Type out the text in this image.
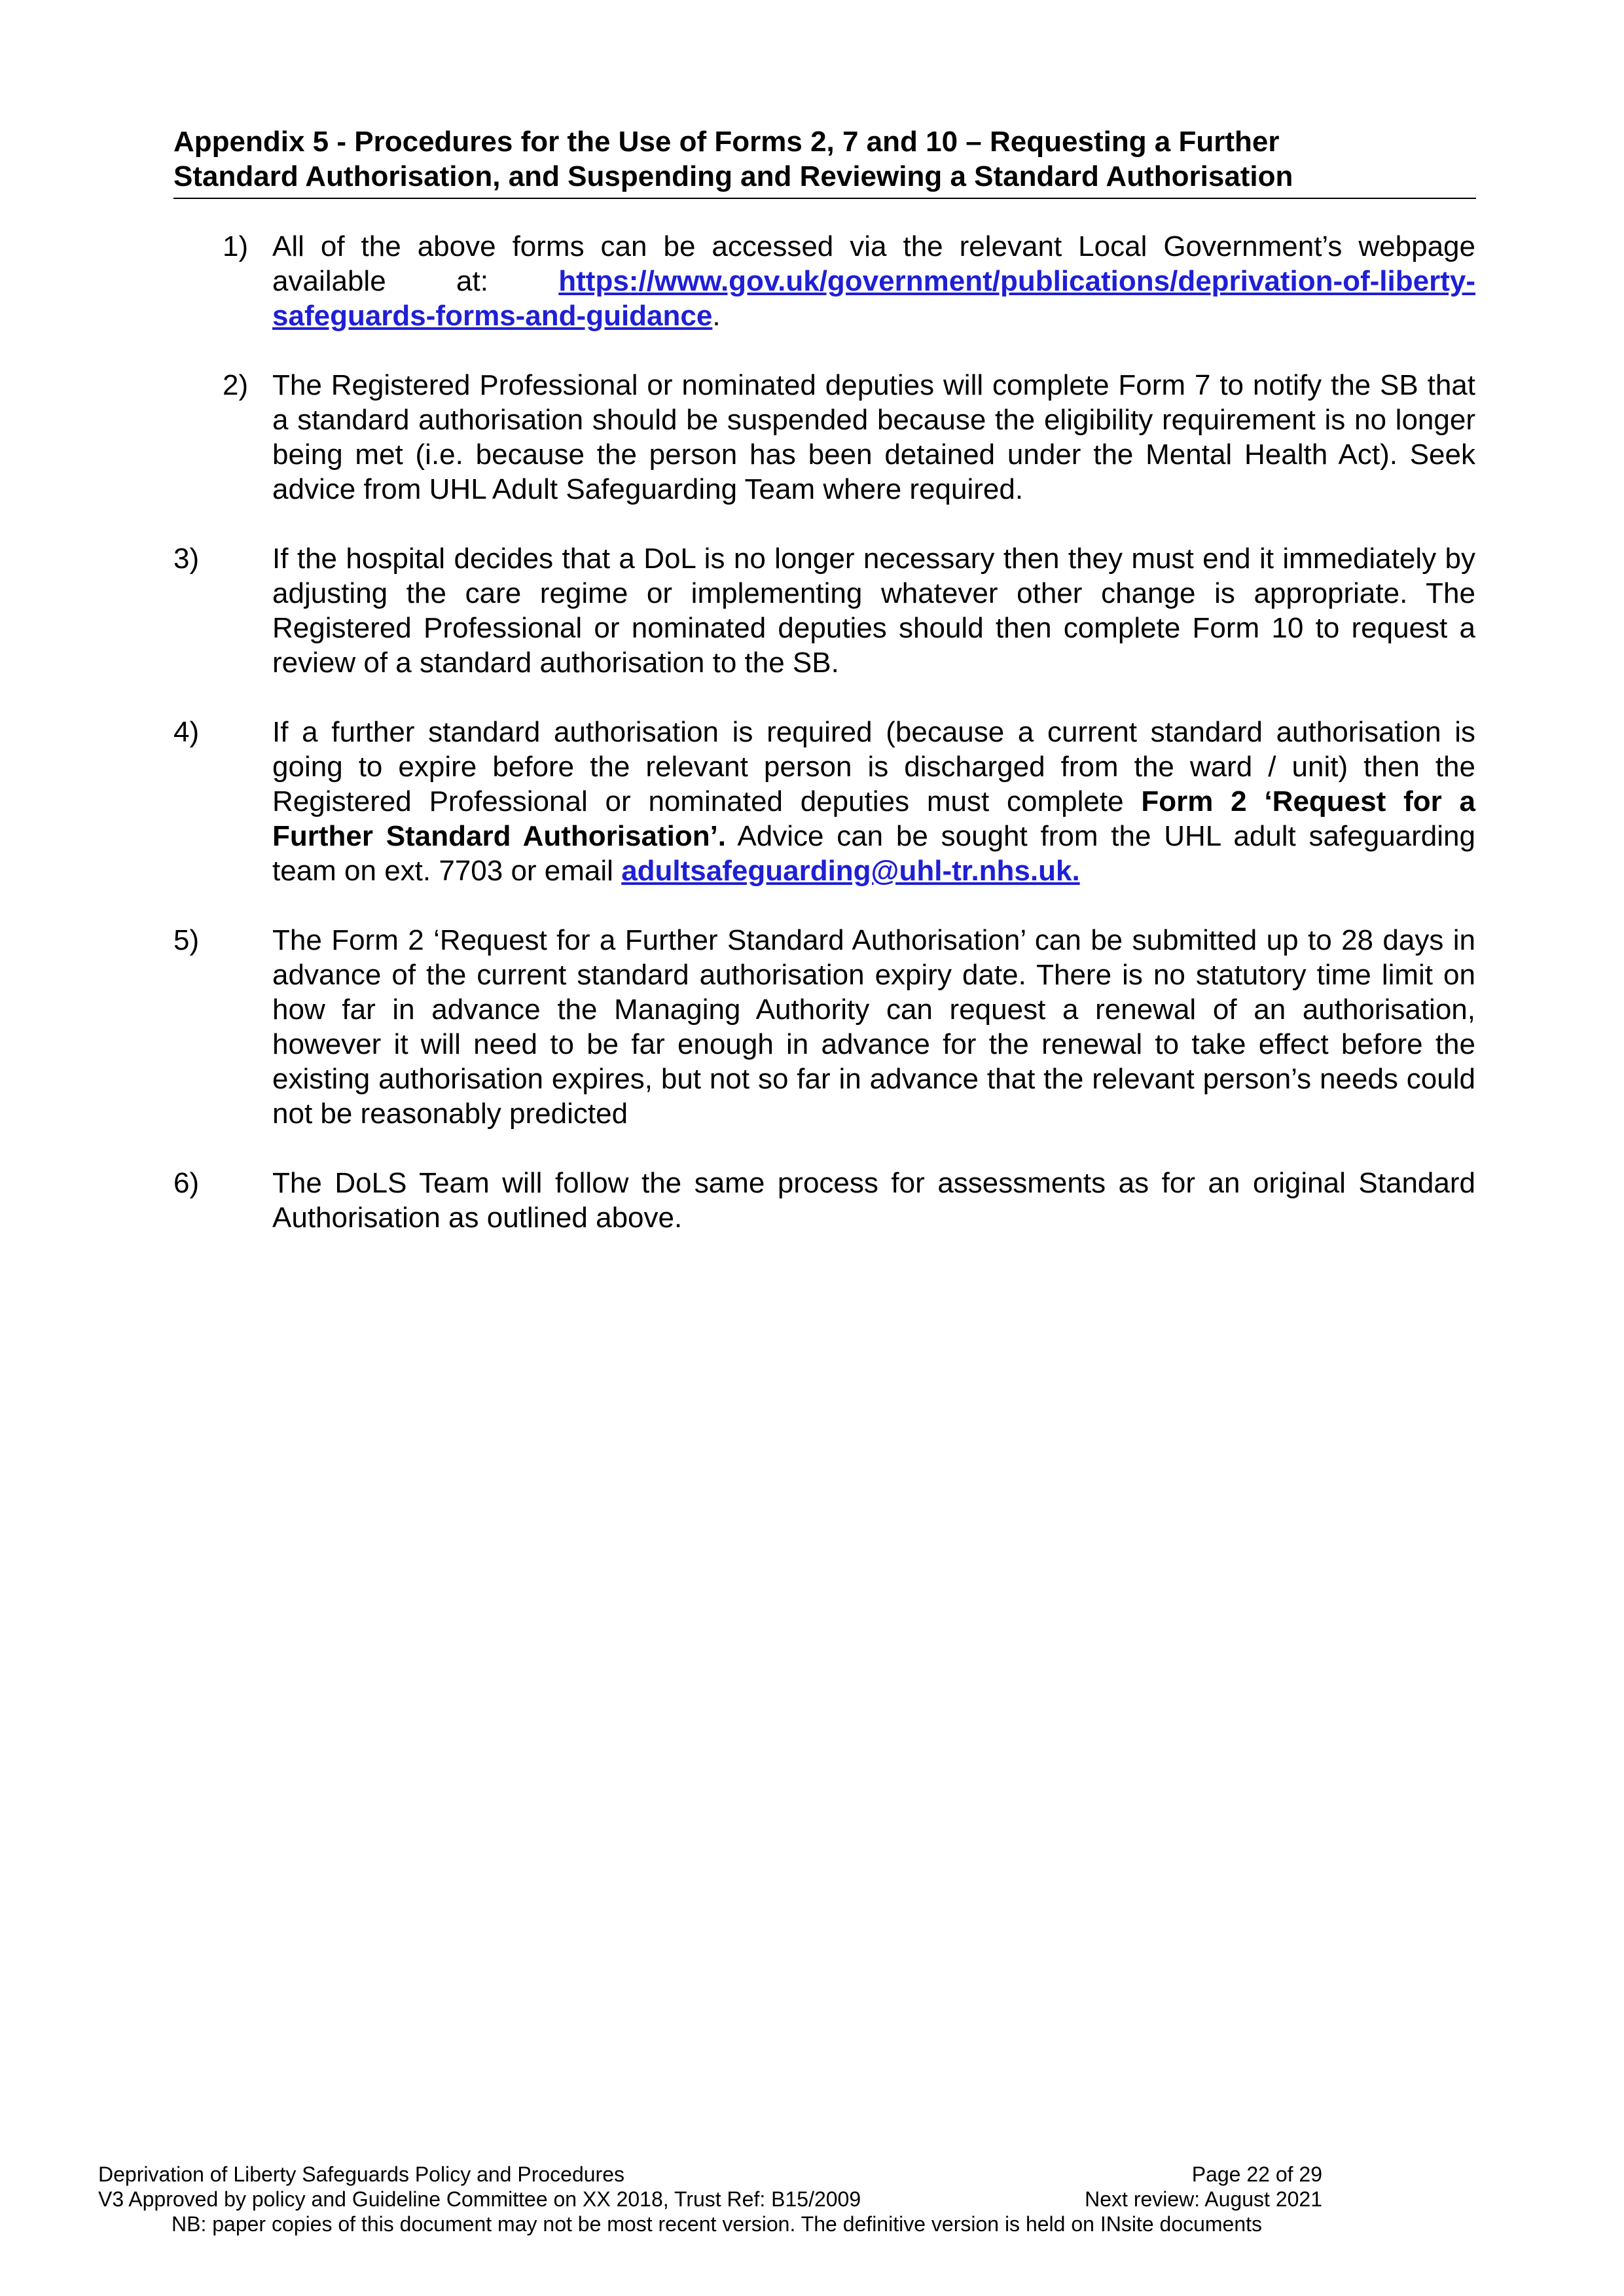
Appendix 5 - Procedures for the Use of Forms 2, 7 and 10 – Requesting a Further
Standard Authorisation, and Suspending and Reviewing a Standard Authorisation
1) All of the above forms can be accessed via the relevant Local Government’s webpage available at: https://www.gov.uk/government/publications/deprivation-of-liberty-safeguards-forms-and-guidance.
2) The Registered Professional or nominated deputies will complete Form 7 to notify the SB that a standard authorisation should be suspended because the eligibility requirement is no longer being met (i.e. because the person has been detained under the Mental Health Act). Seek advice from UHL Adult Safeguarding Team where required.
3)	If the hospital decides that a DoL is no longer necessary then they must end it immediately by adjusting the care regime or implementing whatever other change is appropriate. The Registered Professional or nominated deputies should then complete Form 10 to request a review of a standard authorisation to the SB.
4)	If a further standard authorisation is required (because a current standard authorisation is going to expire before the relevant person is discharged from the ward / unit) then the Registered Professional or nominated deputies must complete Form 2 ‘Request for a Further Standard Authorisation’. Advice can be sought from the UHL adult safeguarding team on ext. 7703 or email adultsafeguarding@uhl-tr.nhs.uk.
5)	The Form 2 ‘Request for a Further Standard Authorisation’ can be submitted up to 28 days in advance of the current standard authorisation expiry date. There is no statutory time limit on how far in advance the Managing Authority can request a renewal of an authorisation, however it will need to be far enough in advance for the renewal to take effect before the existing authorisation expires, but not so far in advance that the relevant person’s needs could not be reasonably predicted
6)	The DoLS Team will follow the same process for assessments as for an original Standard Authorisation as outlined above.
Deprivation of Liberty Safeguards Policy and Procedures	Page 22 of 29
V3 Approved by policy and Guideline Committee on XX 2018, Trust Ref: B15/2009	Next review: August 2021
NB: paper copies of this document may not be most recent version. The definitive version is held on INsite documents
